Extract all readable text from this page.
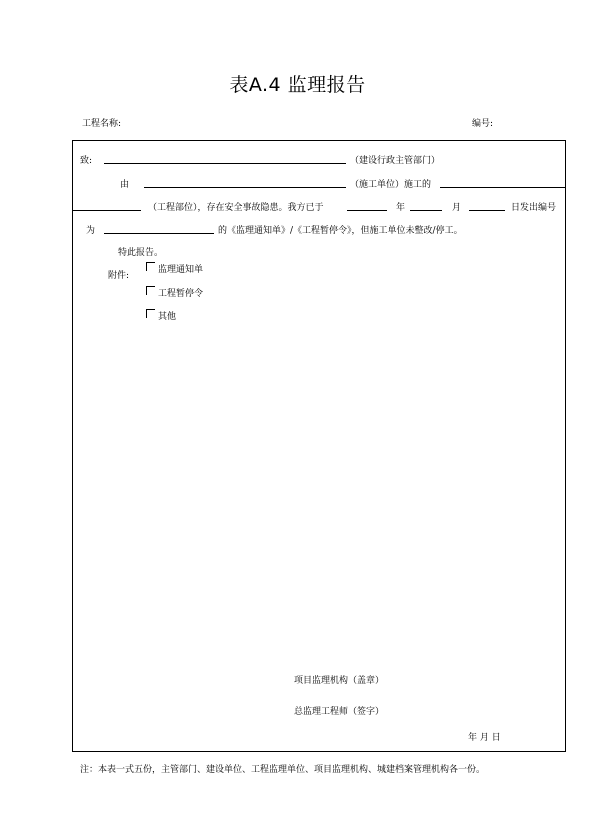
表A.4 监理报告
工程名称:	编号:
致:	（建设行政主管部门）
由	（施工单位）施工的
（工程部位），存在安全事故隐患。我方已于	年	月	日发出编号
为	的《监理通知单》/《工程暂停令》，但施工单位未整改/停工。
特此报告。
附件:
监理通知单
工程暂停令
其他
项目监理机构（盖章）
总监理工程师（签字）
年 月 日
注：本表一式五份，主管部门、建设单位、工程监理单位、项目监理机构、城建档案管理机构各一份。
